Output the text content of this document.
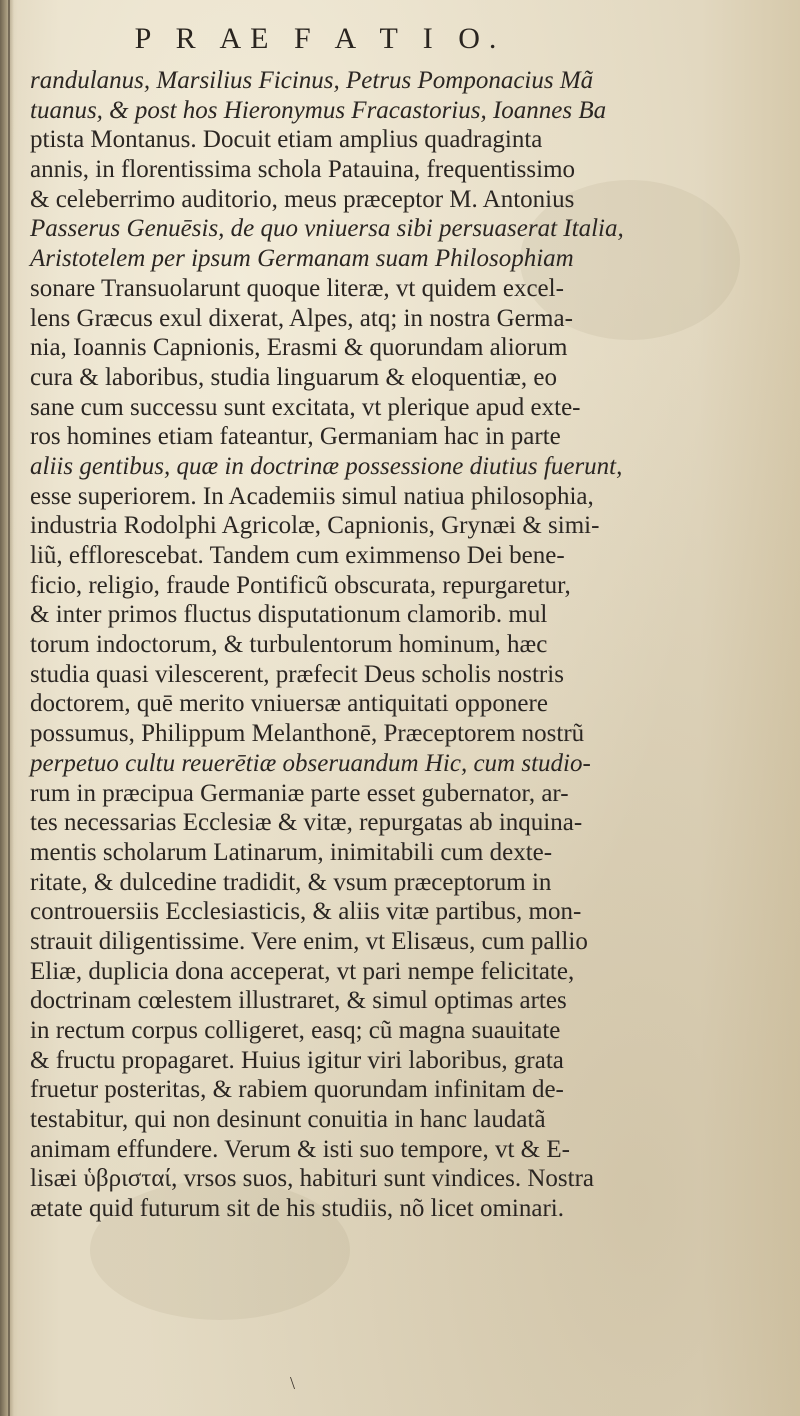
P R AE F A T I O.
randulanus, Marsilius Ficinus, Petrus Pomponacius Mã
tuanus, & post hos Hieronymus Fracastorius, Ioannes Ba
ptista Montanus. Docuit etiam amplius quadraginta
annis, in florentissima schola Patauina, frequentissimo
& celeberrimo auditorio, meus præceptor M. Antonius
Passerus Genuēsis, de quo vniuersa sibi persuaserat Italia,
Aristotelem per ipsum Germanam suam Philosophiam
sonare Transuolarunt quoque literæ, vt quidem excel-
lens Græcus exul dixerat, Alpes, atq; in nostra Germa-
nia, Ioannis Capnionis, Erasmi & quorundam aliorum
cura & laboribus, studia linguarum & eloquentiæ, eo
sane cum successu sunt excitata, vt plerique apud exte-
ros homines etiam fateantur, Germaniam hac in parte
aliis gentibus, quæ in doctrinæ possessione diutius fuerunt,
esse superiorem. In Academiis simul natiua philosophia,
industria Rodolphi Agricolæ, Capnionis, Grynæi & simi-
liũ, efflorescebat. Tandem cum eximmenso Dei bene-
ficio, religio, fraude Pontificũ obscurata, repurgaretur,
& inter primos fluctus disputationum clamorib. mul
torum indoctorum, & turbulentorum hominum, hæc
studia quasi vilescerent, præfecit Deus scholis nostris
doctorem, quē merito vniuersæ antiquitati opponere
possumus, Philippum Melanthonē, Præceptorem nostrũ
perpetuo cultu reuerētiæ obseruandum Hic, cum studio-
rum in præcipua Germaniæ parte esset gubernator, ar-
tes necessarias Ecclesiæ & vitæ, repurgatas ab inquina-
mentis scholarum Latinarum, inimitabili cum dexte-
ritate, & dulcedine tradidit, & vsum præceptorum in
controuersiis Ecclesiasticis, & aliis vitæ partibus, mon-
strauit diligentissime. Vere enim, vt Elisæus, cum pallio
Eliæ, duplicia dona acceperat, vt pari nempe felicitate,
doctrinam cœlestem illustraret, & simul optimas artes
in rectum corpus colligeret, easq; cũ magna suauitate
& fructu propagaret. Huius igitur viri laboribus, grata
fruetur posteritas, & rabiem quorundam infinitam de-
testabitur, qui non desinunt conuitia in hanc laudatã
animam effundere. Verum & isti suo tempore, vt & E-
lisæi ὑβρισταί, vrsos suos, habituri sunt vindices. Nostra
ætate quid futurum sit de his studiis, nõ licet ominari.
\
